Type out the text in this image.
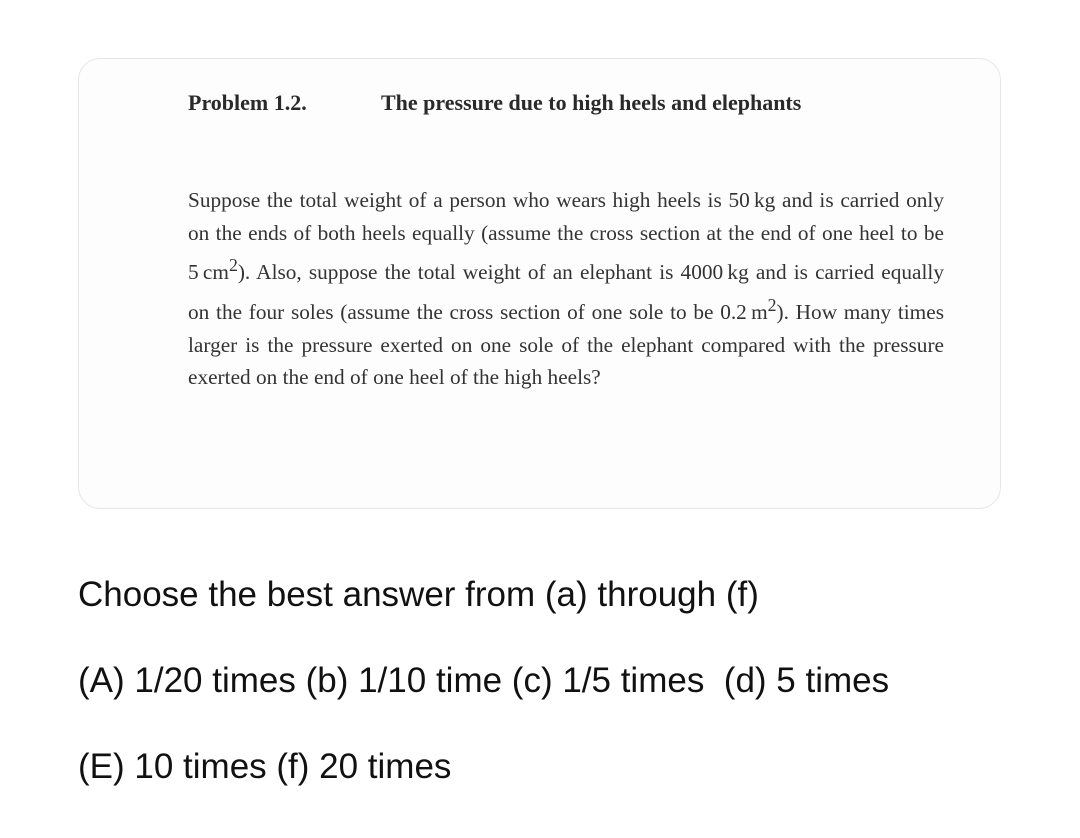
Problem 1.2.	The pressure due to high heels and elephants
Suppose the total weight of a person who wears high heels is 50 kg and is carried only on the ends of both heels equally (assume the cross section at the end of one heel to be 5 $cm^2$). Also, suppose the total weight of an elephant is 4000 kg and is carried equally on the four soles (assume the cross section of one sole to be 0.2 $m^2$). How many times larger is the pressure exerted on one sole of the elephant compared with the pressure exerted on the end of one heel of the high heels?
Choose the best answer from (a) through (f)
(A) 1/20 times (b) 1/10 time (c) 1/5 times (d) 5 times
(E) 10 times (f) 20 times
